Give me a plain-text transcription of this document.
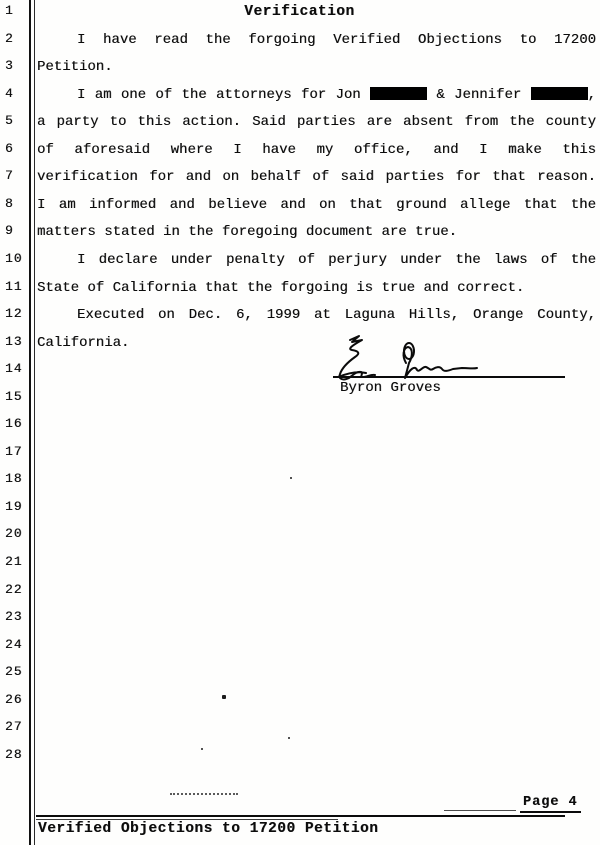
1
2
3
4
5
6
7
8
9
10
11
12
13
14
15
16
17
18
19
20
21
22
23
24
25
26
27
28
Verification
I have read the forgoing Verified Objections to 17200
Petition.
I am one of the attorneys for Jon	& Jennifer	,
a party to this action. Said parties are absent from the county
of aforesaid where I have my office, and I make this
verification for and on behalf of said parties for that reason.
I am informed and believe and on that ground allege that the
matters stated in the foregoing document are true.
I declare under penalty of perjury under the laws of the
State of California that the forgoing is true and correct.
Executed on Dec. 6, 1999 at Laguna Hills, Orange County,
California.
Byron Groves
Page 4
Verified Objections to 17200 Petition
